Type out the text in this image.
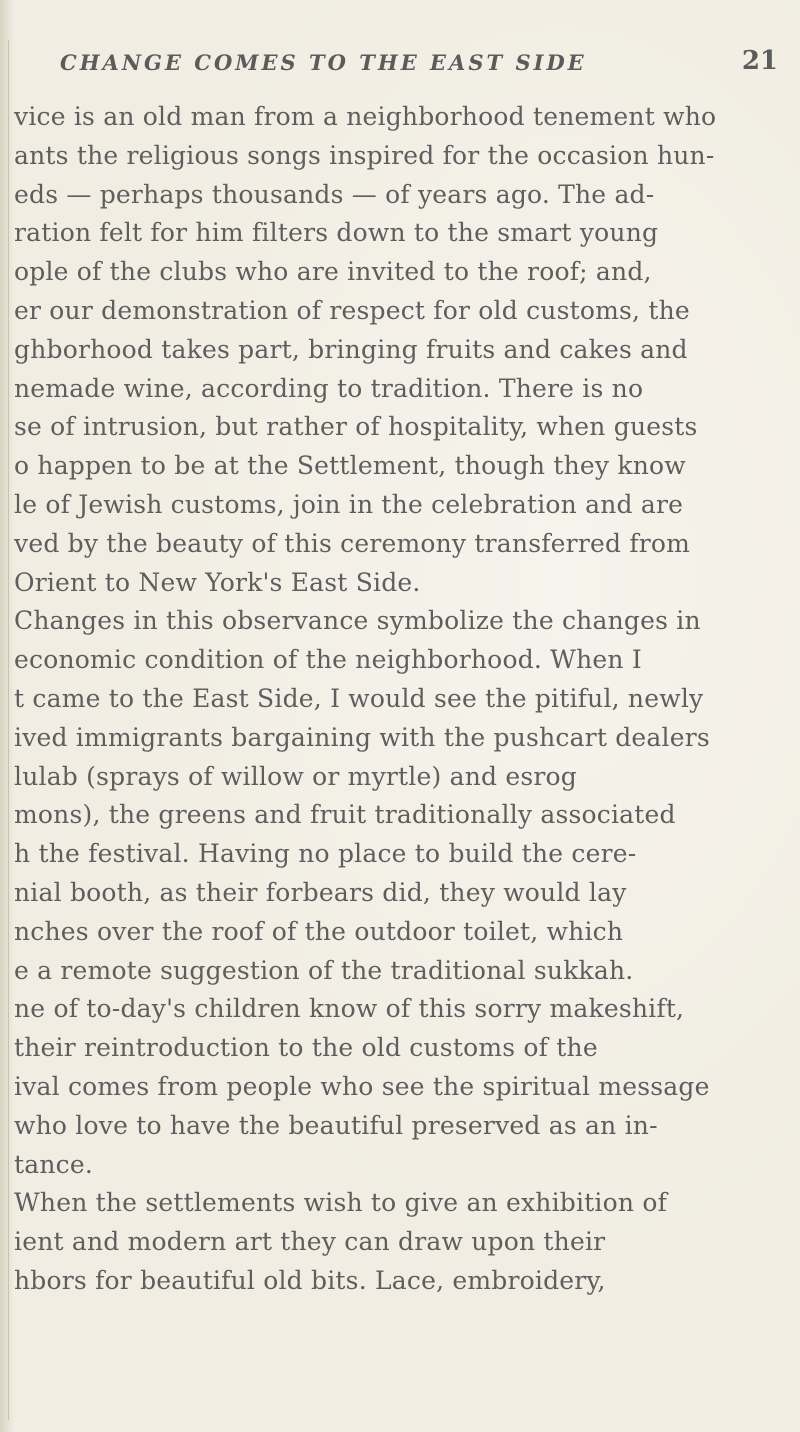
CHANGE COMES TO THE EAST SIDE	21
vice is an old man from a neighborhood tenement who
ants the religious songs inspired for the occasion hun-
eds — perhaps thousands — of years ago. The ad-
ration felt for him filters down to the smart young
ople of the clubs who are invited to the roof; and,
er our demonstration of respect for old customs, the
ghborhood takes part, bringing fruits and cakes and
nemade wine, according to tradition. There is no
se of intrusion, but rather of hospitality, when guests
o happen to be at the Settlement, though they know
le of Jewish customs, join in the celebration and are
ved by the beauty of this ceremony transferred from
Orient to New York's East Side.
Changes in this observance symbolize the changes in
economic condition of the neighborhood. When I
t came to the East Side, I would see the pitiful, newly
ived immigrants bargaining with the pushcart dealers
lulab (sprays of willow or myrtle) and esrog
mons), the greens and fruit traditionally associated
h the festival. Having no place to build the cere-
nial booth, as their forbears did, they would lay
nches over the roof of the outdoor toilet, which
e a remote suggestion of the traditional sukkah.
ne of to-day's children know of this sorry makeshift,
their reintroduction to the old customs of the
ival comes from people who see the spiritual message
who love to have the beautiful preserved as an in-
tance.
When the settlements wish to give an exhibition of
ient and modern art they can draw upon their
hbors for beautiful old bits. Lace, embroidery,
